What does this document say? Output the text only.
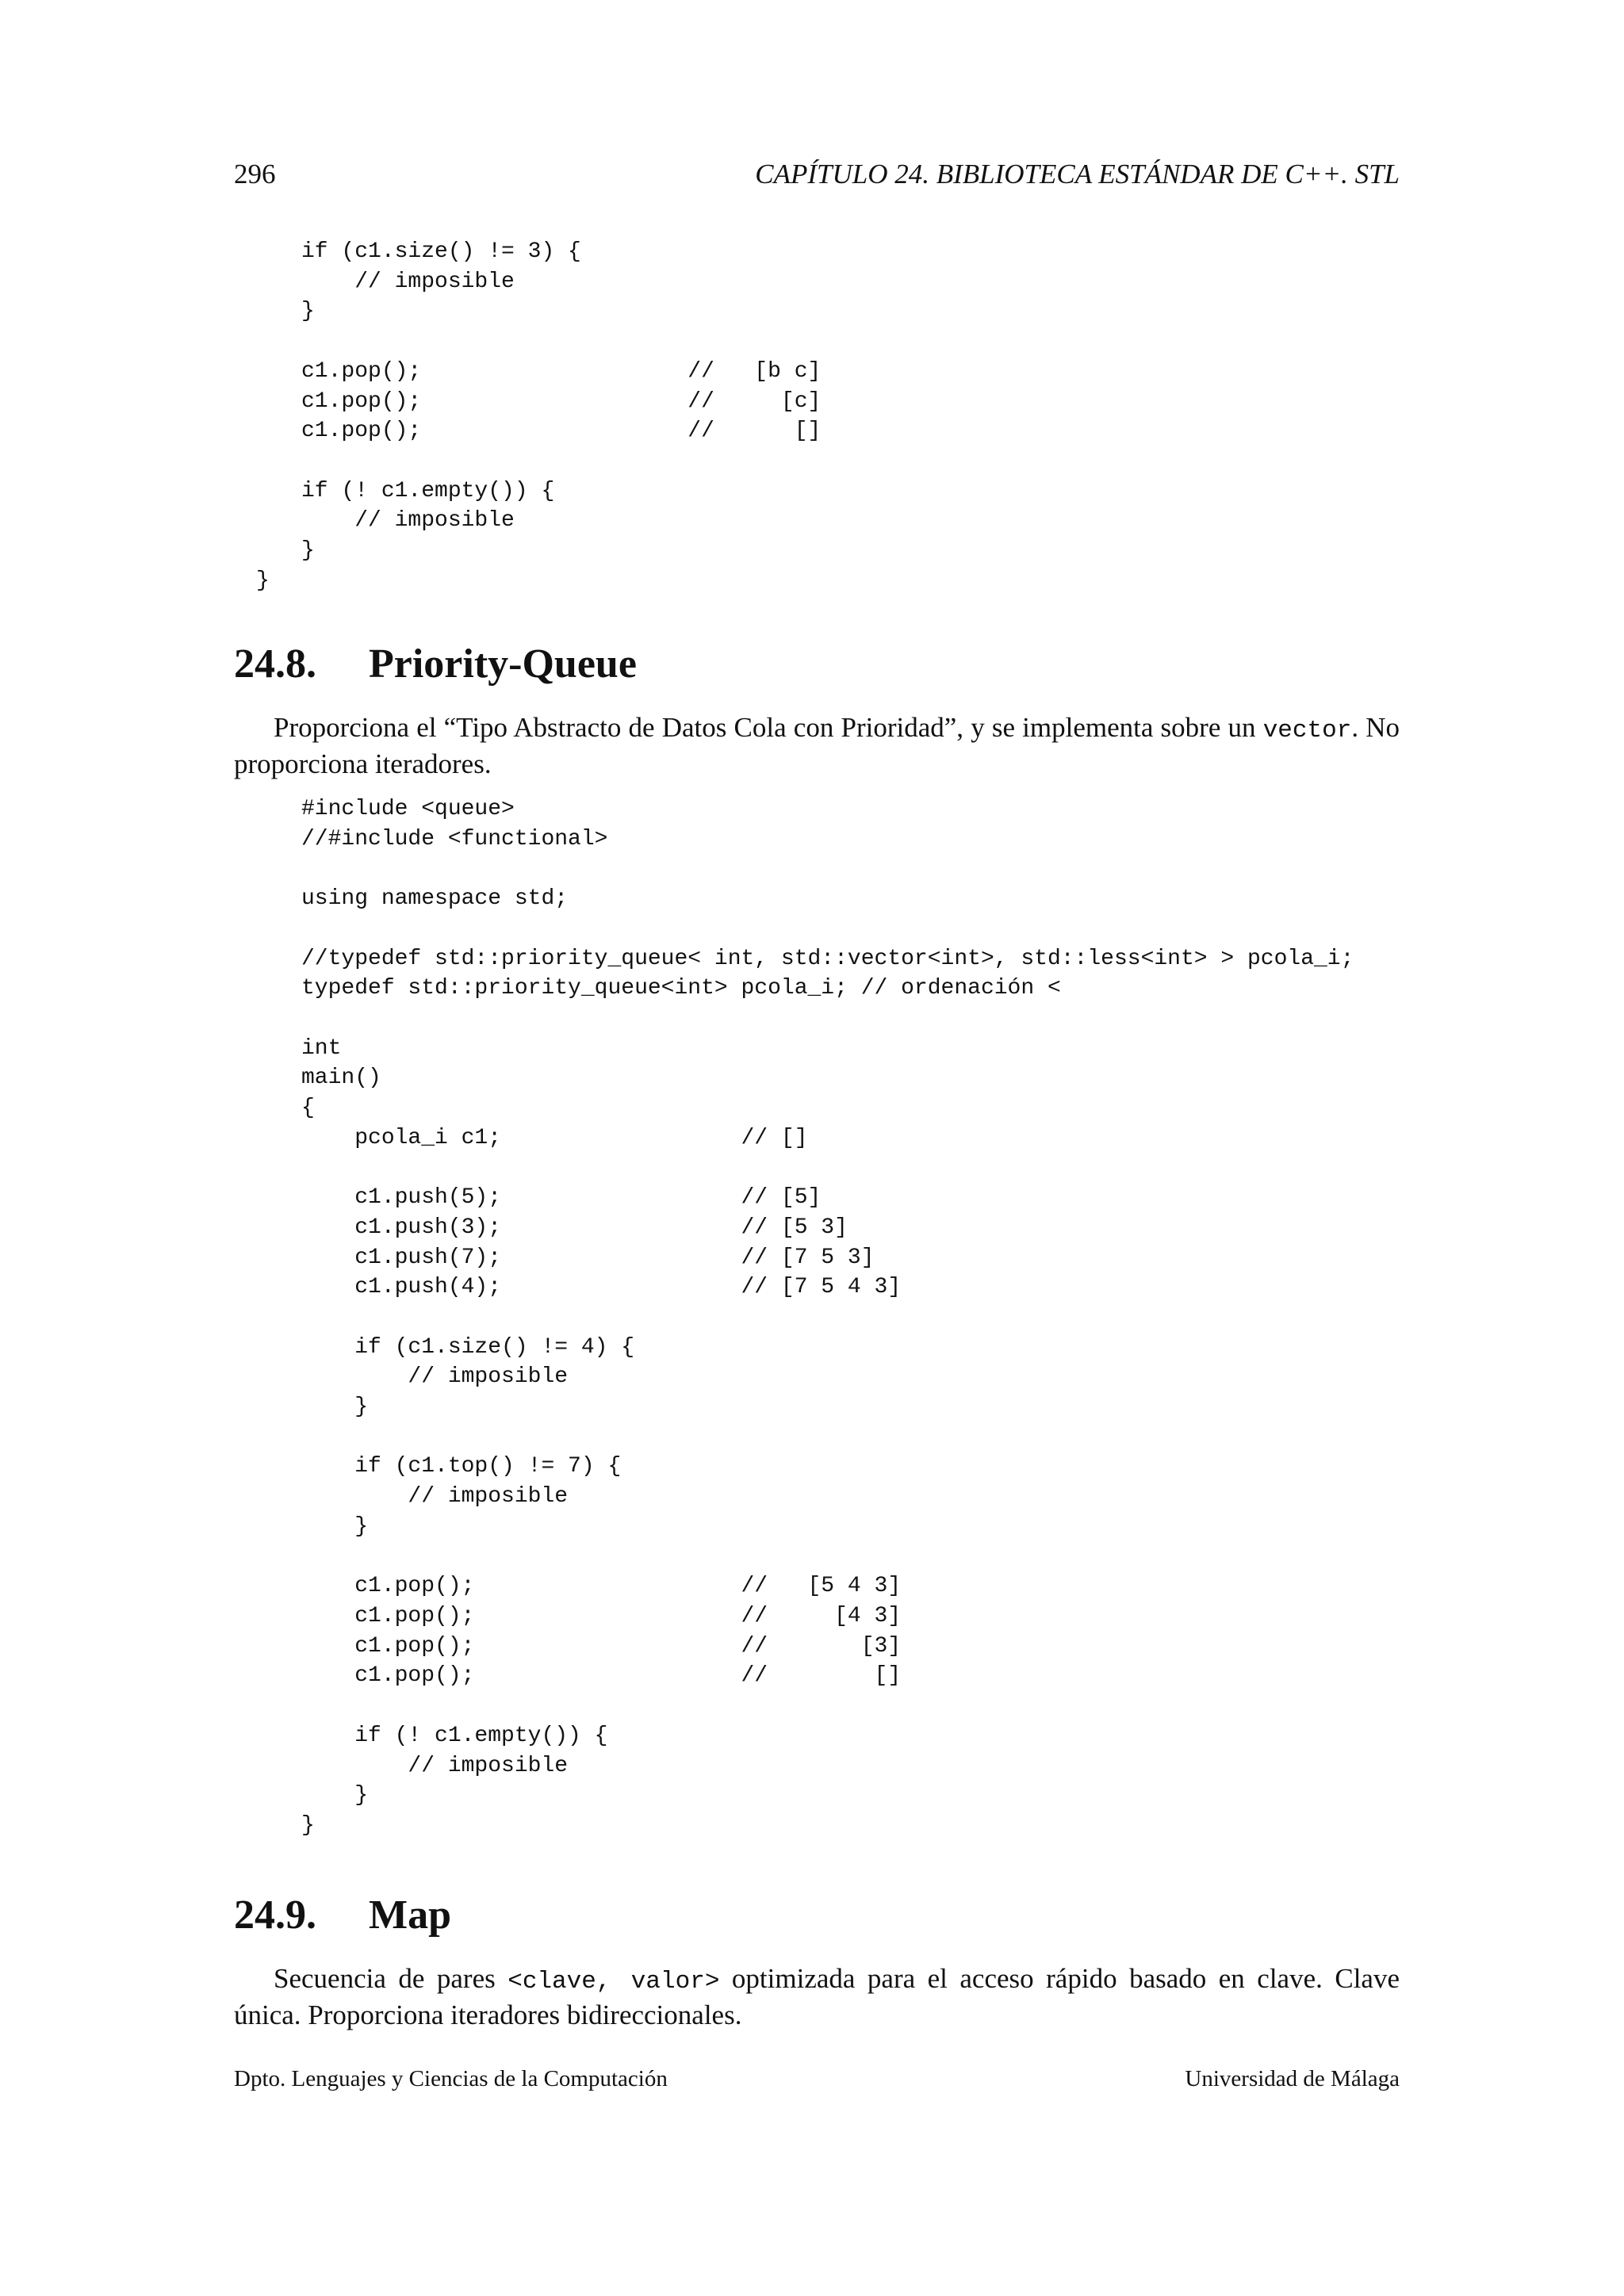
296	CAPÍTULO 24. BIBLIOTECA ESTÁNDAR DE C++. STL
if (c1.size() != 3) {
// imposible
}

c1.pop();                    //   [b c]
c1.pop();                    //     [c]
c1.pop();                    //      []

if (! c1.empty()) {
// imposible
}
}
24.8. Priority-Queue

Proporciona el “Tipo Abstracto de Datos Cola con Prioridad”, y se implementa sobre un vector. No proporciona iteradores.

#include <queue>
//#include <functional>

using namespace std;

//typedef std::priority_queue< int, std::vector<int>, std::less<int> > pcola_i;
typedef std::priority_queue<int> pcola_i; // ordenación <

int
main()
{
pcola_i c1;                  // []

c1.push(5);                  // [5]
c1.push(3);                  // [5 3]
c1.push(7);                  // [7 5 3]
c1.push(4);                  // [7 5 4 3]

if (c1.size() != 4) {
// imposible
}

if (c1.top() != 7) {
// imposible
}

c1.pop();                    //   [5 4 3]
c1.pop();                    //     [4 3]
c1.pop();                    //       [3]
c1.pop();                    //        []

if (! c1.empty()) {
// imposible
}
}
24.9. Map

Secuencia de pares <clave, valor> optimizada para el acceso rápido basado en clave. Clave única. Proporciona iteradores bidireccionales.

Dpto. Lenguajes y Ciencias de la Computación	Universidad de Málaga
